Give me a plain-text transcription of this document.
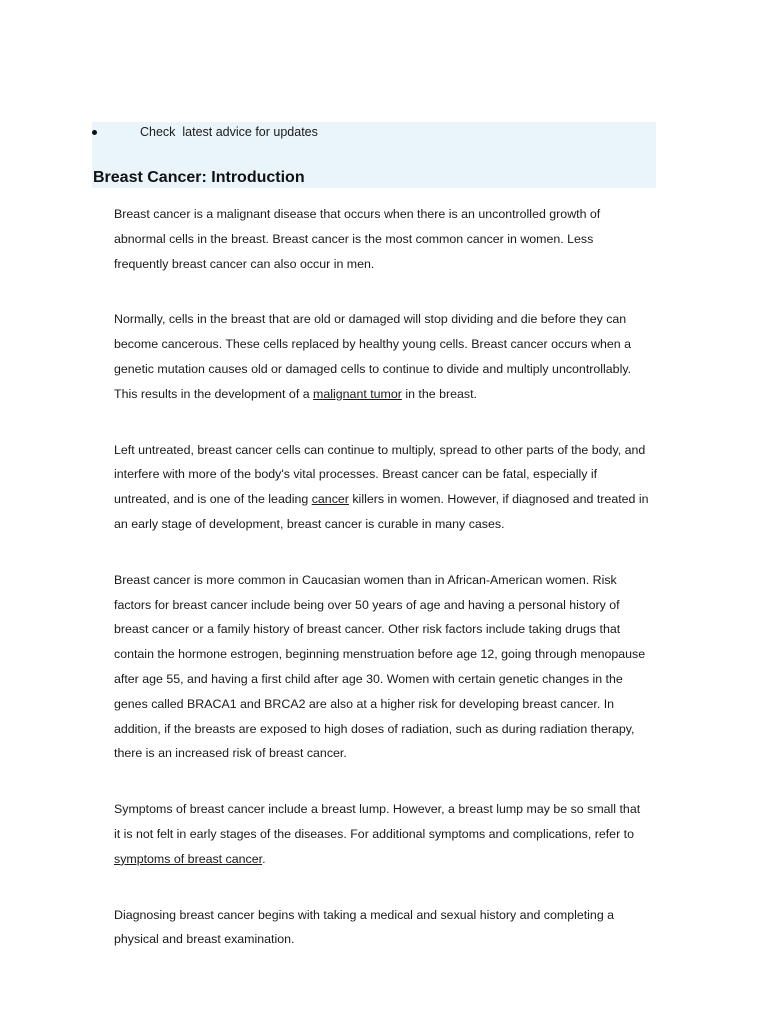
Check  latest advice for updates

Breast Cancer: Introduction

Breast cancer is a malignant disease that occurs when there is an uncontrolled growth of
abnormal cells in the breast. Breast cancer is the most common cancer in women. Less
frequently breast cancer can also occur in men.

Normally, cells in the breast that are old or damaged will stop dividing and die before they can
become cancerous. These cells replaced by healthy young cells. Breast cancer occurs when a
genetic mutation causes old or damaged cells to continue to divide and multiply uncontrollably.
This results in the development of a malignant tumor in the breast.

Left untreated, breast cancer cells can continue to multiply, spread to other parts of the body, and
interfere with more of the body's vital processes. Breast cancer can be fatal, especially if
untreated, and is one of the leading cancer killers in women. However, if diagnosed and treated in
an early stage of development, breast cancer is curable in many cases.

Breast cancer is more common in Caucasian women than in African-American women. Risk
factors for breast cancer include being over 50 years of age and having a personal history of
breast cancer or a family history of breast cancer. Other risk factors include taking drugs that
contain the hormone estrogen, beginning menstruation before age 12, going through menopause
after age 55, and having a first child after age 30. Women with certain genetic changes in the
genes called BRACA1 and BRCA2 are also at a higher risk for developing breast cancer. In
addition, if the breasts are exposed to high doses of radiation, such as during radiation therapy,
there is an increased risk of breast cancer.

Symptoms of breast cancer include a breast lump. However, a breast lump may be so small that
it is not felt in early stages of the diseases. For additional symptoms and complications, refer to
symptoms of breast cancer.

Diagnosing breast cancer begins with taking a medical and sexual history and completing a
physical and breast examination.
